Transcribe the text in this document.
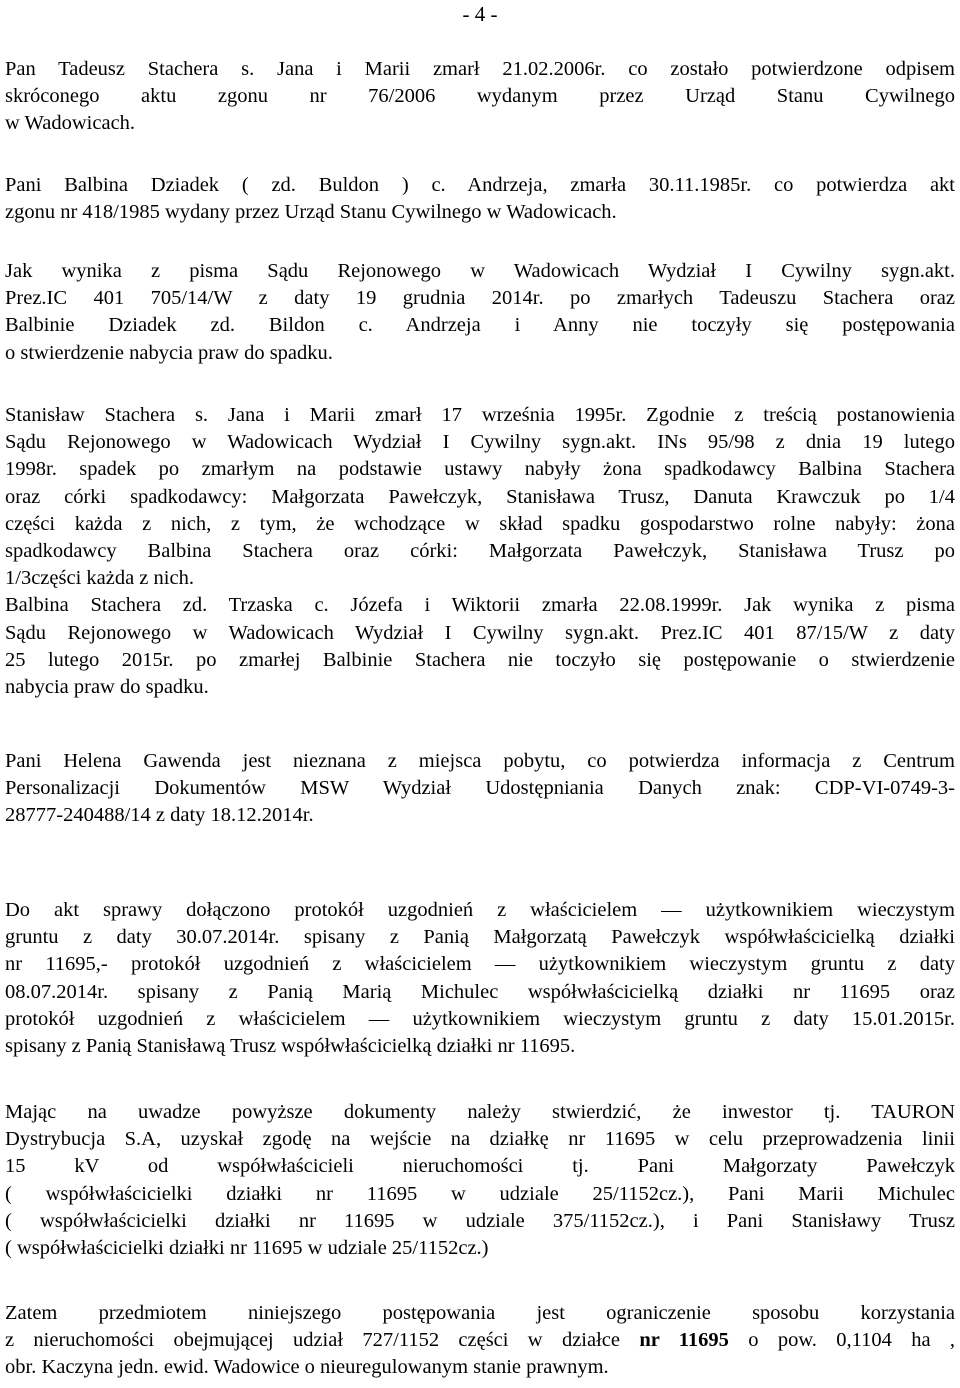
- 4 -
Pan Tadeusz Stachera s. Jana i Marii zmarł 21.02.2006r. co zostało potwierdzone odpisem
skróconego aktu zgonu nr 76/2006 wydanym przez Urząd Stanu Cywilnego
w Wadowicach.
Pani Balbina Dziadek ( zd. Buldon ) c. Andrzeja, zmarła 30.11.1985r. co potwierdza akt
zgonu nr 418/1985 wydany przez Urząd Stanu Cywilnego w Wadowicach.
Jak wynika z pisma Sądu Rejonowego w Wadowicach Wydział I Cywilny sygn.akt.
Prez.IC 401 705/14/W z daty 19 grudnia 2014r. po zmarłych Tadeuszu Stachera oraz
Balbinie Dziadek zd. Bildon c. Andrzeja i Anny nie toczyły się postępowania
o stwierdzenie nabycia praw do spadku.
Stanisław Stachera s. Jana i Marii zmarł 17 września 1995r. Zgodnie z treścią postanowienia
Sądu Rejonowego w Wadowicach Wydział I Cywilny sygn.akt. INs 95/98 z dnia 19 lutego
1998r. spadek po zmarłym na podstawie ustawy nabyły żona spadkodawcy Balbina Stachera
oraz córki spadkodawcy: Małgorzata Pawełczyk, Stanisława Trusz, Danuta Krawczuk po 1/4
części każda z nich, z tym, że wchodzące w skład spadku gospodarstwo rolne nabyły: żona
spadkodawcy Balbina Stachera oraz córki: Małgorzata Pawełczyk, Stanisława Trusz po
1/3części każda z nich.
Balbina Stachera zd. Trzaska c. Józefa i Wiktorii zmarła 22.08.1999r. Jak wynika z pisma
Sądu Rejonowego w Wadowicach Wydział I Cywilny sygn.akt. Prez.IC 401 87/15/W z daty
25 lutego 2015r. po zmarłej Balbinie Stachera nie toczyło się postępowanie o stwierdzenie
nabycia praw do spadku.
Pani Helena Gawenda jest nieznana z miejsca pobytu, co potwierdza informacja z Centrum
Personalizacji Dokumentów MSW Wydział Udostępniania Danych znak: CDP-VI-0749-3-
28777-240488/14 z daty 18.12.2014r.
Do akt sprawy dołączono protokół uzgodnień z właścicielem — użytkownikiem wieczystym
gruntu z daty 30.07.2014r. spisany z Panią Małgorzatą Pawełczyk współwłaścicielką działki
nr 11695,- protokół uzgodnień z właścicielem — użytkownikiem wieczystym gruntu z daty
08.07.2014r. spisany z Panią Marią Michulec współwłaścicielką działki nr 11695 oraz
protokół uzgodnień z właścicielem — użytkownikiem wieczystym gruntu z daty 15.01.2015r.
spisany z Panią Stanisławą Trusz współwłaścicielką działki nr 11695.
Mając na uwadze powyższe dokumenty należy stwierdzić, że inwestor tj. TAURON
Dystrybucja S.A, uzyskał zgodę na wejście na działkę nr 11695 w celu przeprowadzenia linii
15 kV od współwłaścicieli nieruchomości tj. Pani Małgorzaty Pawełczyk
( współwłaścicielki działki nr 11695 w udziale 25/1152cz.), Pani Marii Michulec
( współwłaścicielki działki nr 11695 w udziale 375/1152cz.), i Pani Stanisławy Trusz
( współwłaścicielki działki nr 11695 w udziale 25/1152cz.)
Zatem przedmiotem niniejszego postępowania jest ograniczenie sposobu korzystania
z nieruchomości obejmującej udział 727/1152 części w działce nr 11695 o pow. 0,1104 ha ,
obr. Kaczyna jedn. ewid. Wadowice o nieuregulowanym stanie prawnym.
